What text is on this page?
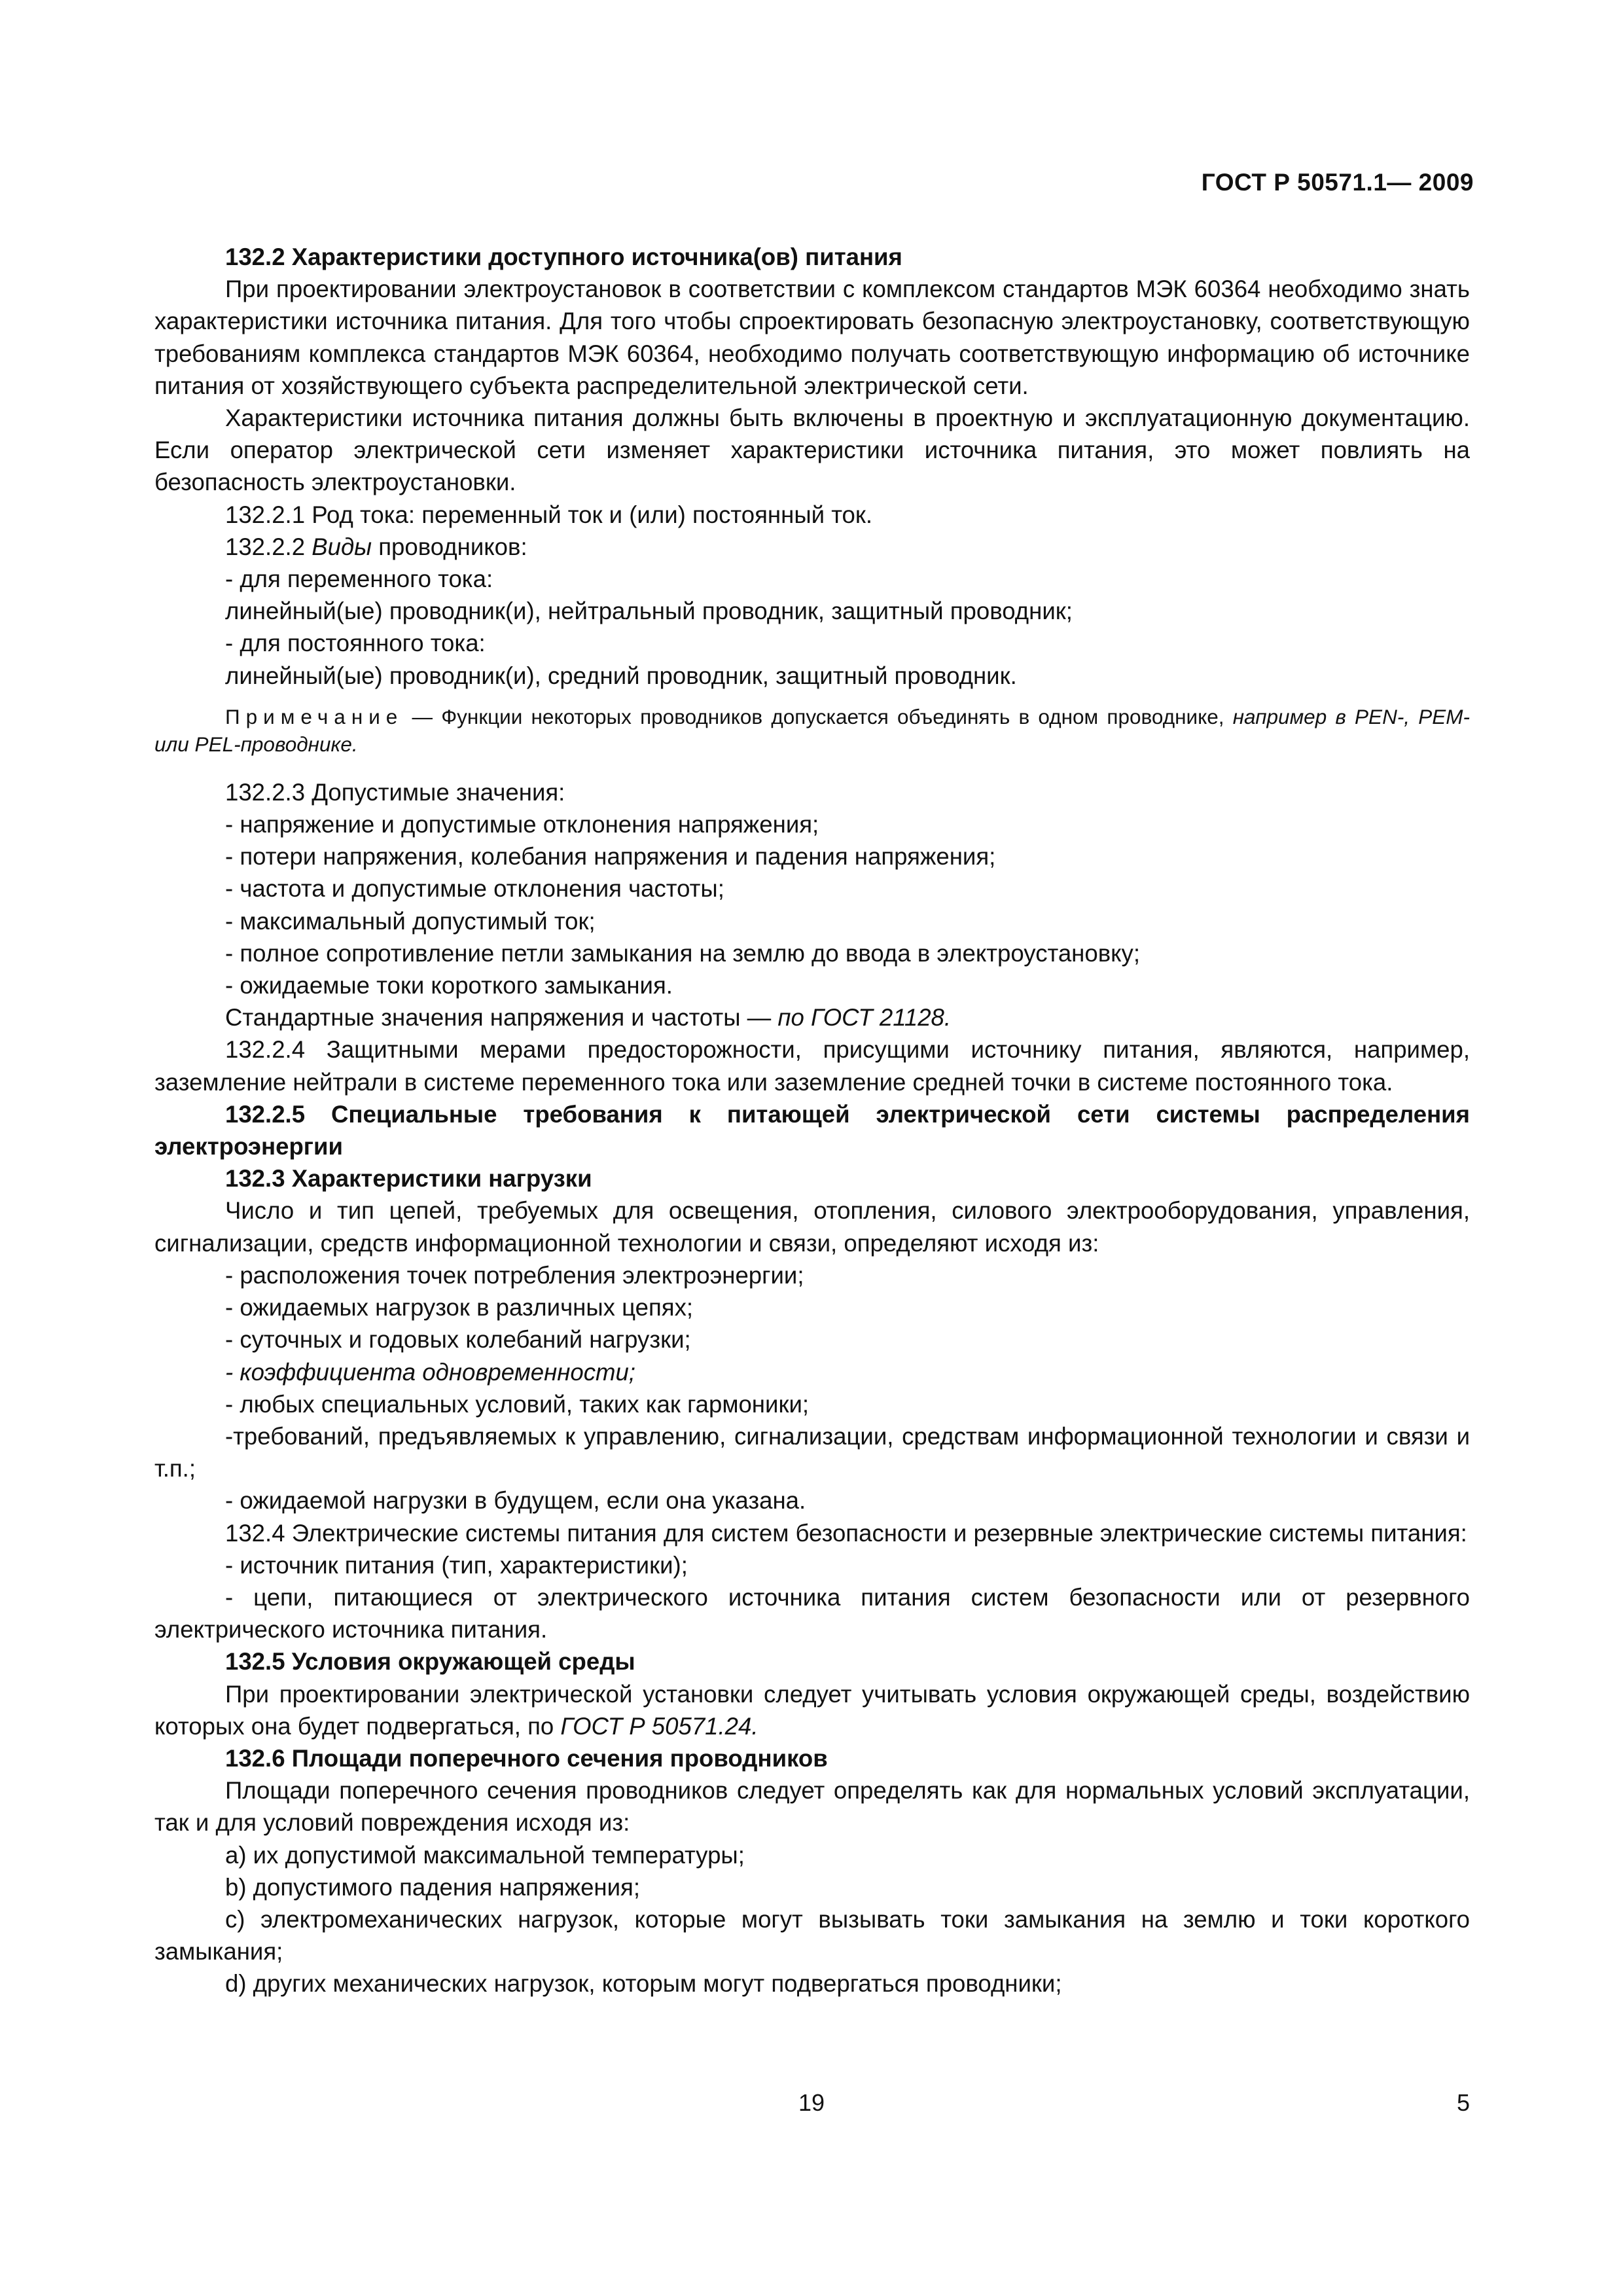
ГОСТ Р 50571.1— 2009

132.2 Характеристики доступного источника(ов) питания

При проектировании электроустановок в соответствии с комплексом стандартов МЭК 60364 необходимо знать характеристики источника питания. Для того чтобы спроектировать безопасную электроустановку, соответствующую требованиям комплекса стандартов МЭК 60364, необходимо получать соответствующую информацию об источнике питания от хозяйствующего субъекта распределительной электрической сети.

Характеристики источника питания должны быть включены в проектную и эксплуатационную документацию. Если оператор электрической сети изменяет характеристики источника питания, это может повлиять на безопасность электроустановки.

132.2.1 Род тока: переменный ток и (или) постоянный ток.

132.2.2 Виды проводников:

- для переменного тока:

линейный(ые) проводник(и), нейтральный проводник, защитный проводник;

- для постоянного тока:

линейный(ые) проводник(и), средний проводник, защитный проводник.

Примечание — Функции некоторых проводников допускается объединять в одном проводнике, например в PEN-, PEM- или PEL-проводнике.

132.2.3 Допустимые значения:

- напряжение и допустимые отклонения напряжения;

- потери напряжения, колебания напряжения и падения напряжения;

- частота и допустимые отклонения частоты;

- максимальный допустимый ток;

- полное сопротивление петли замыкания на землю до ввода в электроустановку;

- ожидаемые токи короткого замыкания.

Стандартные значения напряжения и частоты — по ГОСТ 21128.

132.2.4 Защитными мерами предосторожности, присущими источнику питания, являются, например, заземление нейтрали в системе переменного тока или заземление средней точки в системе постоянного тока.

132.2.5 Специальные требования к питающей электрической сети системы распределения электроэнергии

132.3 Характеристики нагрузки

Число и тип цепей, требуемых для освещения, отопления, силового электрооборудования, управления, сигнализации, средств информационной технологии и связи, определяют исходя из:

- расположения точек потребления электроэнергии;

- ожидаемых нагрузок в различных цепях;

- суточных и годовых колебаний нагрузки;

- коэффициента одновременности;

- любых специальных условий, таких как гармоники;

-требований, предъявляемых к управлению, сигнализации, средствам информационной технологии и связи и т.п.;

- ожидаемой нагрузки в будущем, если она указана.

132.4 Электрические системы питания для систем безопасности и резервные электрические системы питания:

- источник питания (тип, характеристики);

- цепи, питающиеся от электрического источника питания систем безопасности или от резервного электрического источника питания.

132.5 Условия окружающей среды

При проектировании электрической установки следует учитывать условия окружающей среды, воздействию которых она будет подвергаться, по ГОСТ Р 50571.24.

132.6 Площади поперечного сечения проводников

Площади поперечного сечения проводников следует определять как для нормальных условий эксплуатации, так и для условий повреждения исходя из:

a) их допустимой максимальной температуры;

b) допустимого падения напряжения;

c) электромеханических нагрузок, которые могут вызывать токи замыкания на землю и токи короткого замыкания;

d) других механических нагрузок, которым могут подвергаться проводники;

19	5
